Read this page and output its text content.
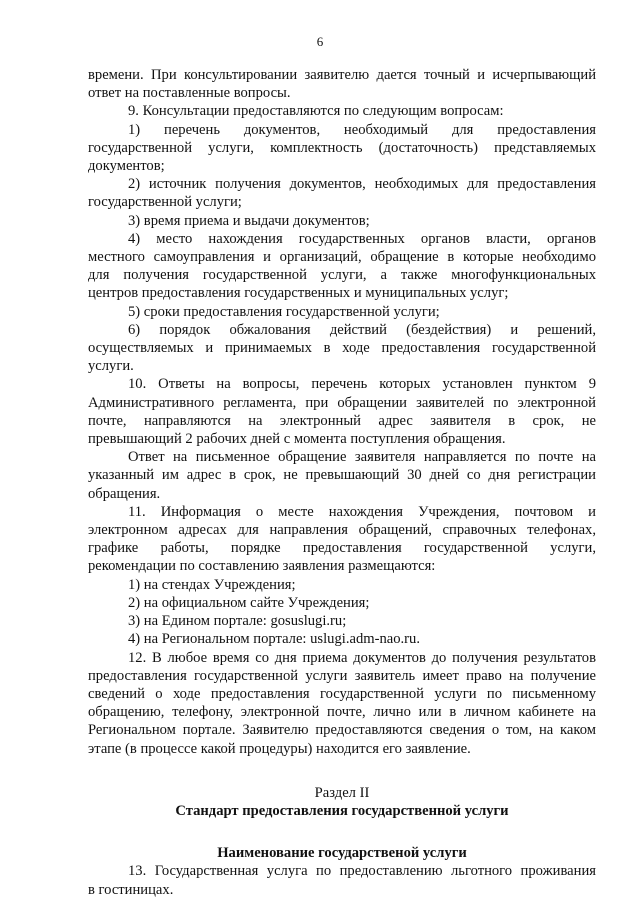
6

времени. При консультировании заявителю дается точный и исчерпывающий

ответ на поставленные вопросы.

9. Консультации предоставляются по следующим вопросам:

1) перечень документов, необходимый для предоставления

государственной услуги, комплектность (достаточность) представляемых

документов;

2) источник получения документов, необходимых для предоставления

государственной услуги;

3) время приема и выдачи документов;

4) место нахождения государственных органов власти, органов

местного самоуправления и организаций, обращение в которые необходимо

для получения государственной услуги, а также многофункциональных

центров предоставления государственных и муниципальных услуг;

5) сроки предоставления государственной услуги;

6) порядок обжалования действий (бездействия) и решений,

осуществляемых и принимаемых в ходе предоставления государственной

услуги.

10. Ответы на вопросы, перечень которых установлен пунктом 9

Административного регламента, при обращении заявителей по электронной

почте, направляются на электронный адрес заявителя в срок, не

превышающий 2 рабочих дней с момента поступления обращения.

Ответ на письменное обращение заявителя направляется по почте на

указанный им адрес в срок, не превышающий 30 дней со дня регистрации

обращения.

11. Информация о месте нахождения Учреждения, почтовом и

электронном адресах для направления обращений, справочных телефонах,

графике работы, порядке предоставления государственной услуги,

рекомендации по составлению заявления размещаются:

1) на стендах Учреждения;

2) на официальном сайте Учреждения;

3) на Едином портале: gosuslugi.ru;

4) на Региональном портале: uslugi.adm-nao.ru.

12. В любое время со дня приема документов до получения результатов

предоставления государственной услуги заявитель имеет право на получение

сведений о ходе предоставления государственной услуги по письменному

обращению, телефону, электронной почте, лично или в личном кабинете на

Региональном портале. Заявителю предоставляются сведения о том, на каком

этапе (в процессе какой процедуры) находится его заявление.

Раздел II

Стандарт предоставления государственной услуги

Наименование государственой услуги

13. Государственная услуга по предоставлению льготного проживания

в гостиницах.
